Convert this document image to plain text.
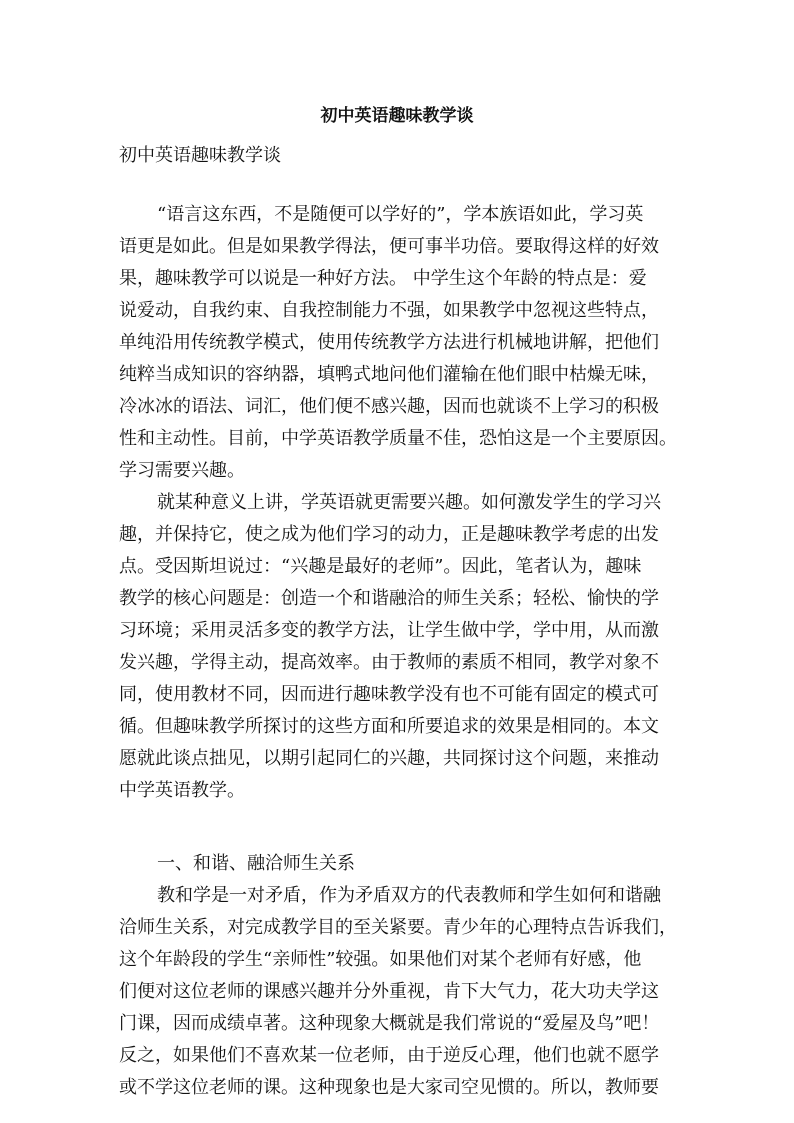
初中英语趣味教学谈
初中英语趣味教学谈
“语言这东西，不是随便可以学好的”，学本族语如此，学习英
语更是如此。但是如果教学得法，便可事半功倍。要取得这样的好效
果，趣味教学可以说是一种好方法。 中学生这个年龄的特点是：爱
说爱动，自我约束、自我控制能力不强，如果教学中忽视这些特点，
单纯沿用传统教学模式，使用传统教学方法进行机械地讲解，把他们
纯粹当成知识的容纳器，填鸭式地问他们灌输在他们眼中枯燥无味，
冷冰冰的语法、词汇，他们便不感兴趣，因而也就谈不上学习的积极
性和主动性。目前，中学英语教学质量不佳，恐怕这是一个主要原因。
学习需要兴趣。
就某种意义上讲，学英语就更需要兴趣。如何激发学生的学习兴
趣，并保持它，使之成为他们学习的动力，正是趣味教学考虑的出发
点。受因斯坦说过：“兴趣是最好的老师”。因此，笔者认为，趣味
教学的核心问题是：创造一个和谐融洽的师生关系；轻松、愉快的学
习环境；采用灵活多变的教学方法，让学生做中学，学中用，从而激
发兴趣，学得主动，提高效率。由于教师的素质不相同，教学对象不
同，使用教材不同，因而进行趣味教学没有也不可能有固定的模式可
循。但趣味教学所探讨的这些方面和所要追求的效果是相同的。本文
愿就此谈点拙见，以期引起同仁的兴趣，共同探讨这个问题，来推动
中学英语教学。
一、和谐、融洽师生关系
教和学是一对矛盾，作为矛盾双方的代表教师和学生如何和谐融
洽师生关系，对完成教学目的至关紧要。青少年的心理特点告诉我们，
这个年龄段的学生“亲师性”较强。如果他们对某个老师有好感，他
们便对这位老师的课感兴趣并分外重视，肯下大气力，花大功夫学这
门课，因而成绩卓著。这种现象大概就是我们常说的“爱屋及鸟”吧！
反之，如果他们不喜欢某一位老师，由于逆反心理，他们也就不愿学
或不学这位老师的课。这种现象也是大家司空见惯的。所以，教师要
